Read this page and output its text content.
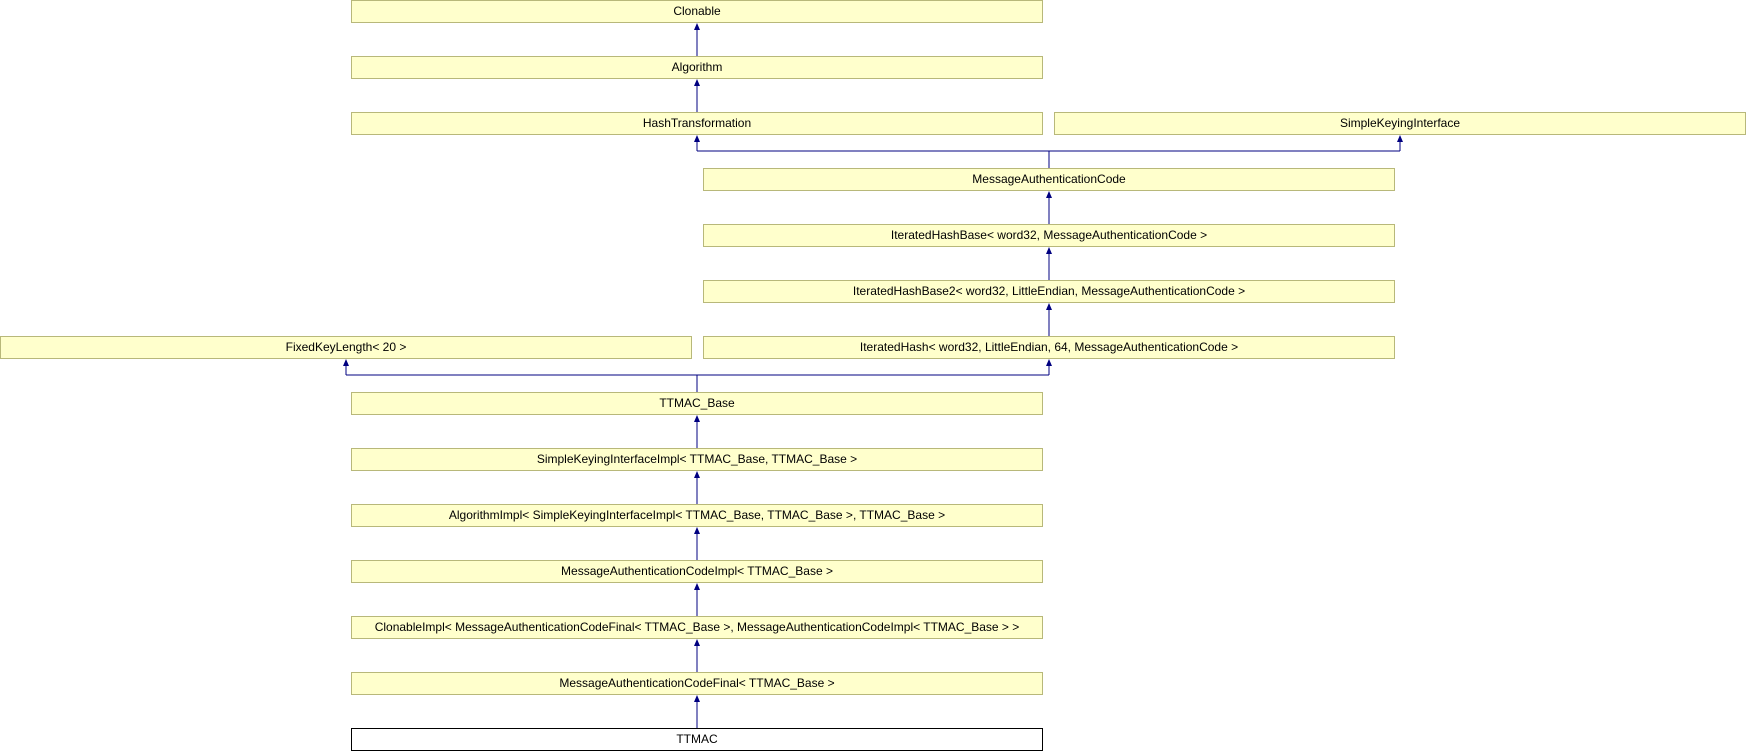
Clonable
Algorithm
HashTransformation	SimpleKeyingInterface
MessageAuthenticationCode
IteratedHashBase< word32, MessageAuthenticationCode >
IteratedHashBase2< word32, LittleEndian, MessageAuthenticationCode >
FixedKeyLength< 20 >	IteratedHash< word32, LittleEndian, 64, MessageAuthenticationCode >
TTMAC_Base
SimpleKeyingInterfaceImpl< TTMAC_Base, TTMAC_Base >
AlgorithmImpl< SimpleKeyingInterfaceImpl< TTMAC_Base, TTMAC_Base >, TTMAC_Base >
MessageAuthenticationCodeImpl< TTMAC_Base >
ClonableImpl< MessageAuthenticationCodeFinal< TTMAC_Base >, MessageAuthenticationCodeImpl< TTMAC_Base > >
MessageAuthenticationCodeFinal< TTMAC_Base >
TTMAC
